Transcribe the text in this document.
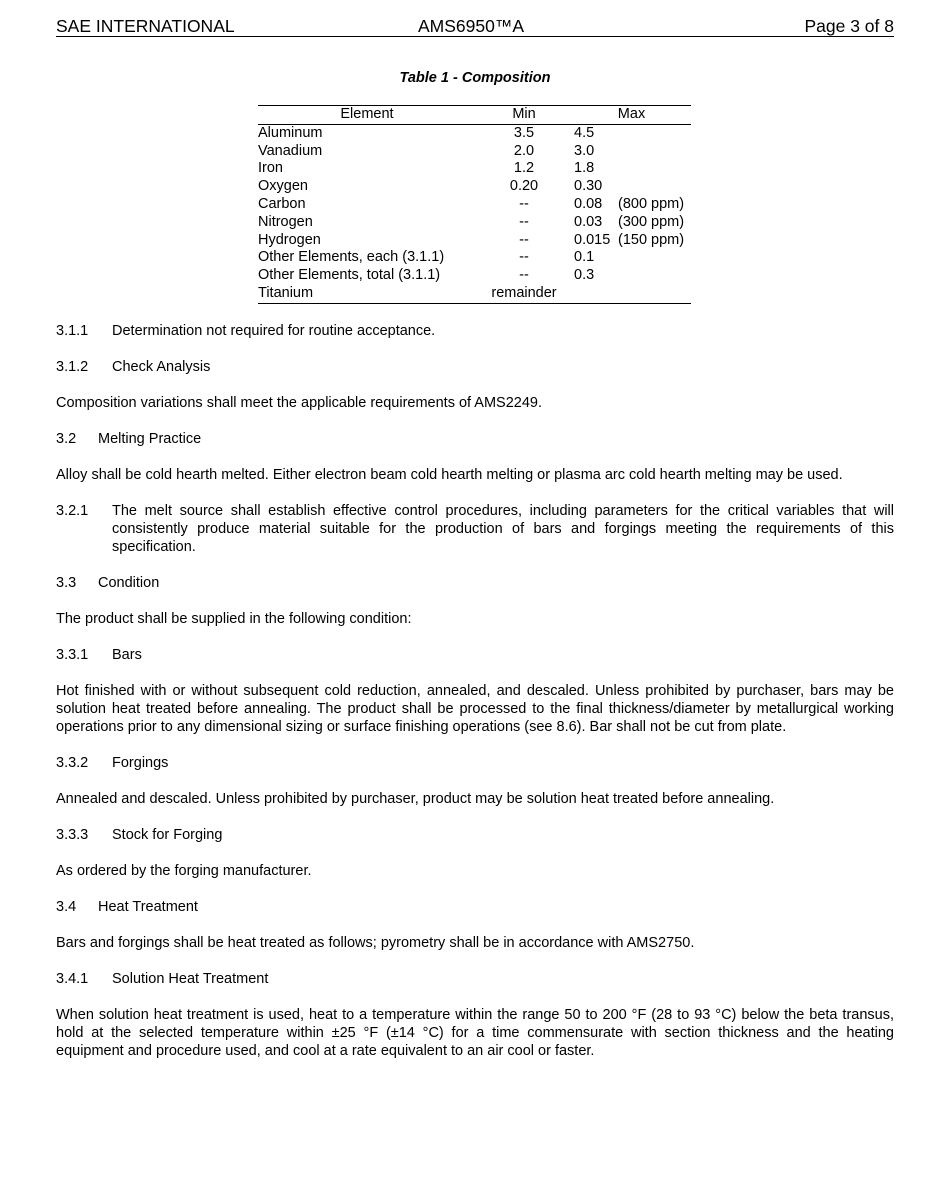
SAE INTERNATIONAL	AMS6950™A	Page 3 of 8
Table 1 - Composition
Element	Min	Max
Aluminum	3.5	4.5
Vanadium	2.0	3.0
Iron	1.2	1.8
Oxygen	0.20	0.30
Carbon	--	0.08 (800 ppm)
Nitrogen	--	0.03 (300 ppm)
Hydrogen	--	0.015 (150 ppm)
Other Elements, each (3.1.1)	--	0.1
Other Elements, total (3.1.1)	--	0.3
Titanium	remainder	
3.1.1	Determination not required for routine acceptance.
3.1.2	Check Analysis

Composition variations shall meet the applicable requirements of AMS2249.

3.2	Melting Practice

Alloy shall be cold hearth melted. Either electron beam cold hearth melting or plasma arc cold hearth melting may be used.

3.2.1	The melt source shall establish effective control procedures, including parameters for the critical variables that will consistently produce material suitable for the production of bars and forgings meeting the requirements of this specification.
3.3	Condition

The product shall be supplied in the following condition:

3.3.1	Bars

Hot finished with or without subsequent cold reduction, annealed, and descaled. Unless prohibited by purchaser, bars may be solution heat treated before annealing. The product shall be processed to the final thickness/diameter by metallurgical working operations prior to any dimensional sizing or surface finishing operations (see 8.6). Bar shall not be cut from plate.

3.3.2	Forgings

Annealed and descaled. Unless prohibited by purchaser, product may be solution heat treated before annealing.

3.3.3	Stock for Forging

As ordered by the forging manufacturer.

3.4	Heat Treatment

Bars and forgings shall be heat treated as follows; pyrometry shall be in accordance with AMS2750.

3.4.1	Solution Heat Treatment

When solution heat treatment is used, heat to a temperature within the range 50 to 200 °F (28 to 93 °C) below the beta transus, hold at the selected temperature within ±25 °F (±14 °C) for a time commensurate with section thickness and the heating equipment and procedure used, and cool at a rate equivalent to an air cool or faster.
